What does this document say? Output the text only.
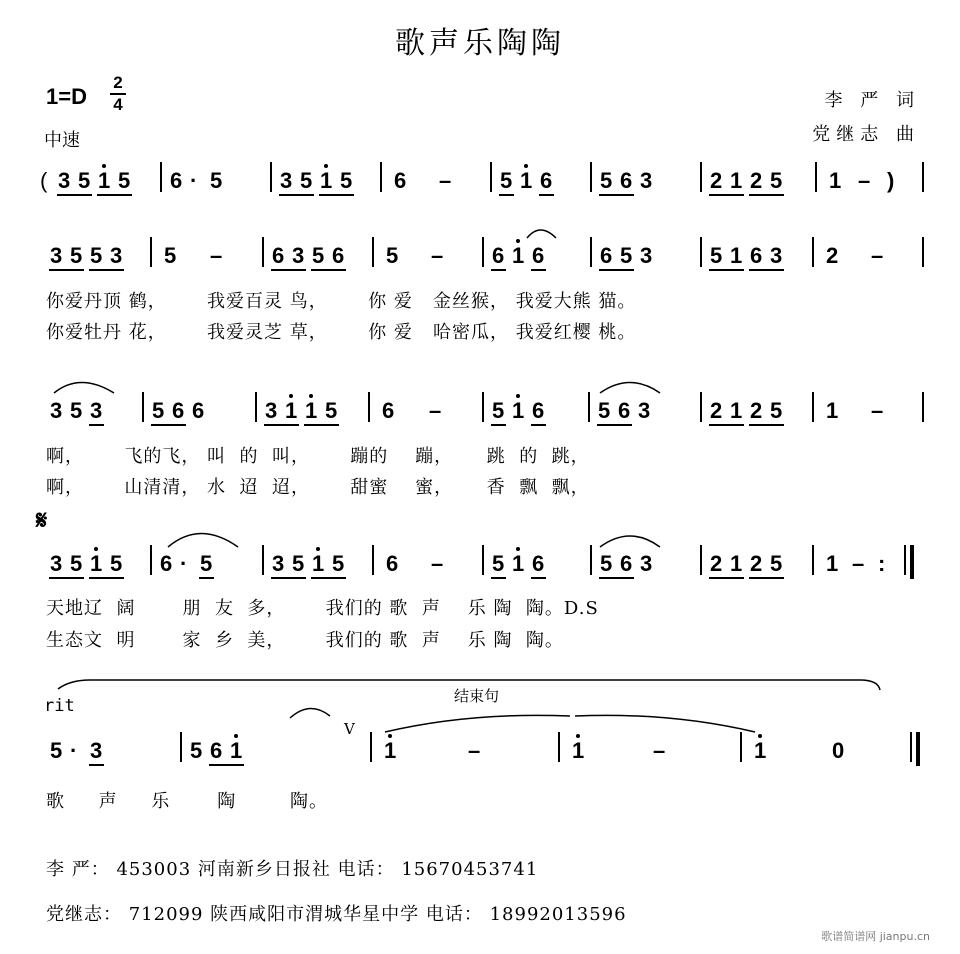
歌声乐陶陶
1=D
2
4
中速
李 严 词
党继志 曲
( 3 5 1 5 6 · 5	3 5 1 5 6 – 5 1 6 5 6 3	2 1 2 5 1 – )
3 5 5 3 5 – 6 3 5 6 5 – 6 1 6	6 5 3	5 1 6 3 2 –
3 5 3 5 6 6	3 1 1 5 6 – 5 1 6 5 6 3	2 1 2 5 1 –
3 5 1 5 6 · 5	3 5 1 5 6 – 5 1 6	5 6 3	2 1 2 5 1 – :
5 · 3	5 6 1	1	–	1	–	1	0
𝄋
rit	结束句
V
李 严： 453003 河南新乡日报社 电话： 15670453741
党继志： 712099 陕西咸阳市渭城华星中学 电话： 18992013596
歌谱简谱网 jianpu.cn
你爱丹顶 鹤，      我爱百灵 鸟，      你 爱   金丝猴， 我爱大熊 猫。
你爱牡丹 花，      我爱灵芝 草，      你 爱   哈密瓜， 我爱红樱 桃。
啊，      飞的飞， 叫  的  叫，      蹦的    蹦，     跳  的  跳，
啊，      山清清， 水  迢  迢，      甜蜜    蜜，     香  飘  飘，
天地辽  阔       朋  友  多，      我们的 歌  声    乐 陶  陶。D.S
生态文  明       家  乡  美，      我们的 歌  声    乐 陶  陶。
歌     声     乐       陶        陶。
